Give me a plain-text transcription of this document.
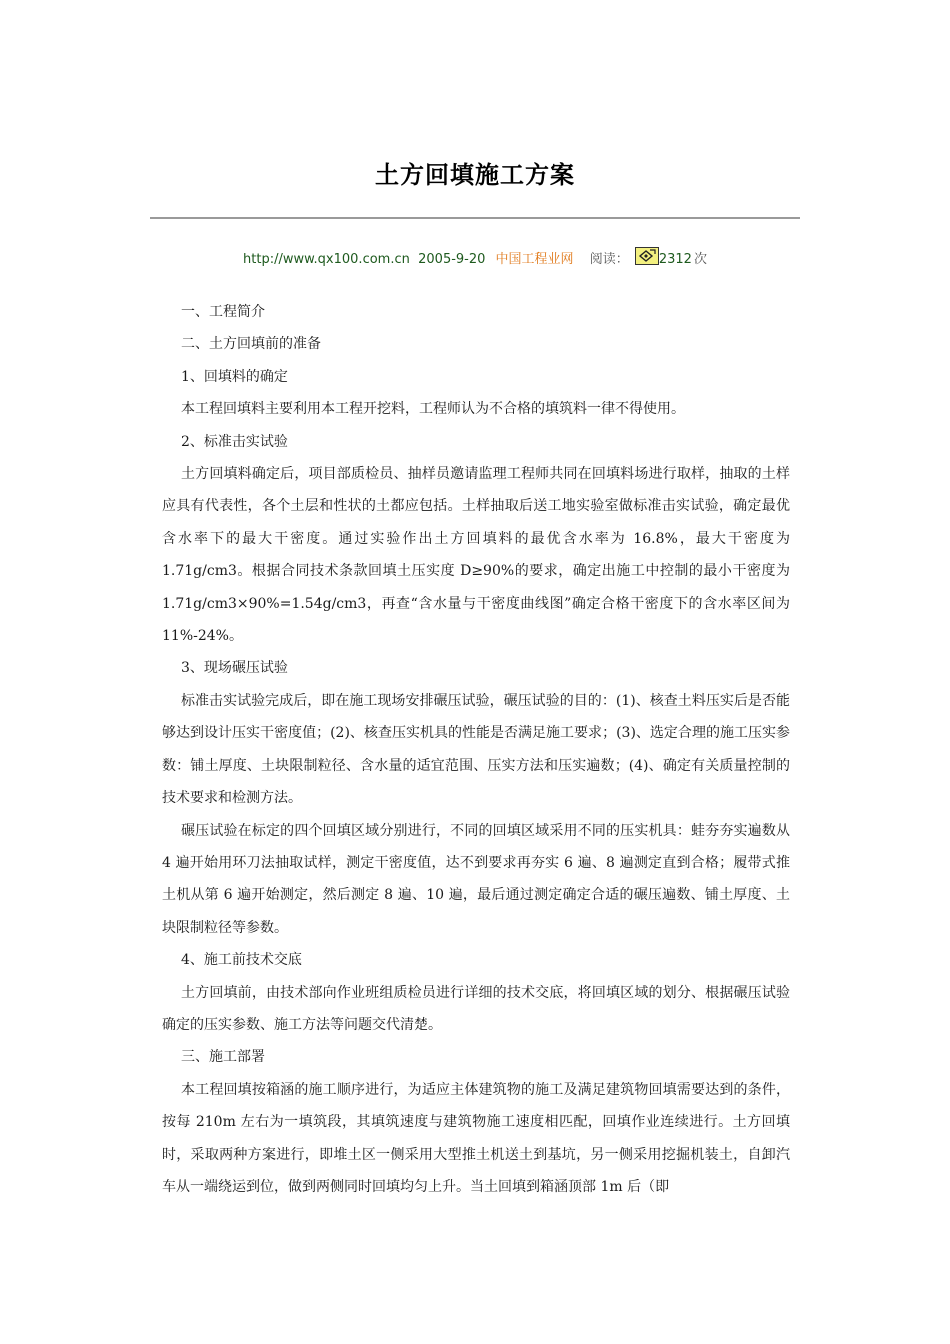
土方回填施工方案
http://www.qx100.com.cn 2005-9-20 中国工程业网 阅读： 2312 次

一、工程简介

二、土方回填前的准备

1、回填料的确定

本工程回填料主要利用本工程开挖料，工程师认为不合格的填筑料一律不得使用。

2、标准击实试验

土方回填料确定后，项目部质检员、抽样员邀请监理工程师共同在回填料场进行取样，抽取的土样应具有代表性，各个土层和性状的土都应包括。土样抽取后送工地实验室做标准击实试验，确定最优含水率下的最大干密度。通过实验作出土方回填料的最优含水率为 16.8%，最大干密度为 1.71g/cm3。根据合同技术条款回填土压实度 D≥90%的要求，确定出施工中控制的最小干密度为 1.71g/cm3×90%=1.54g/cm3，再查“含水量与干密度曲线图”确定合格干密度下的含水率区间为 11%-24%。

3、现场碾压试验

标准击实试验完成后，即在施工现场安排碾压试验，碾压试验的目的：(1)、核查土料压实后是否能够达到设计压实干密度值；(2)、核查压实机具的性能是否满足施工要求；(3)、选定合理的施工压实参数：铺土厚度、土块限制粒径、含水量的适宜范围、压实方法和压实遍数；(4)、确定有关质量控制的技术要求和检测方法。

碾压试验在标定的四个回填区域分别进行，不同的回填区域采用不同的压实机具：蛙夯夯实遍数从 4 遍开始用环刀法抽取试样，测定干密度值，达不到要求再夯实 6 遍、8 遍测定直到合格；履带式推土机从第 6 遍开始测定，然后测定 8 遍、10 遍，最后通过测定确定合适的碾压遍数、铺土厚度、土块限制粒径等参数。

4、施工前技术交底

土方回填前，由技术部向作业班组质检员进行详细的技术交底，将回填区域的划分、根据碾压试验确定的压实参数、施工方法等问题交代清楚。

三、施工部署

本工程回填按箱涵的施工顺序进行，为适应主体建筑物的施工及满足建筑物回填需要达到的条件，按每 210m 左右为一填筑段，其填筑速度与建筑物施工速度相匹配，回填作业连续进行。土方回填时，采取两种方案进行，即堆土区一侧采用大型推土机送土到基坑，另一侧采用挖掘机装土，自卸汽车从一端绕运到位，做到两侧同时回填均匀上升。当土回填到箱涵顶部 1m 后（即
